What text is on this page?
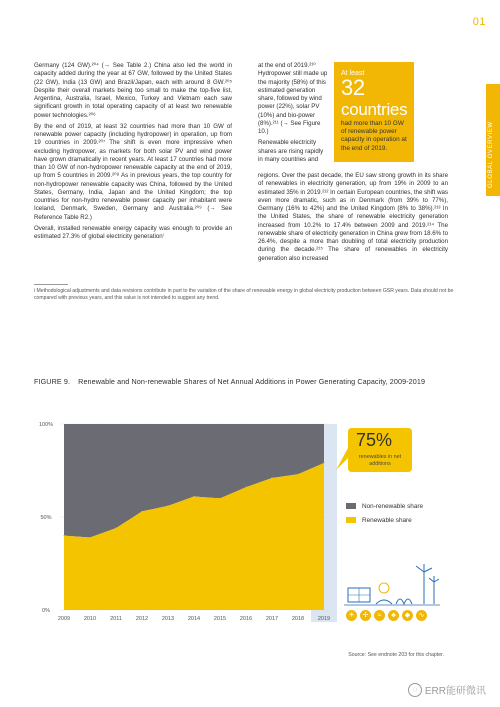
01
GLOBAL OVERVIEW

Germany (124 GW).²⁰⁴ (→ See Table 2.) China also led the world in capacity added during the year at 67 GW, followed by the United States (22 GW), India (13 GW) and Brazil/Japan, each with around 8 GW.²⁰⁵ Despite their overall markets being too small to make the top-five list, Argentina, Australia, Israel, Mexico, Turkey and Vietnam each saw significant growth in total operating capacity of at least two renewable power technologies.²⁰⁶

By the end of 2019, at least 32 countries had more than 10 GW of renewable power capacity (including hydropower) in operation, up from 19 countries in 2009.²⁰⁷ The shift is even more impressive when excluding hydropower, as markets for both solar PV and wind power have grown dramatically in recent years. At least 17 countries had more than 10 GW of non-hydropower renewable capacity at the end of 2019, up from 5 countries in 2009.²⁰⁸ As in previous years, the top country for non-hydropower renewable capacity was China, followed by the United States, Germany, India, Japan and the United Kingdom; the top countries for non-hydro renewable power capacity per inhabitant were Iceland, Denmark, Sweden, Germany and Australia.²⁰⁹ (→ See Reference Table R2.)

Overall, installed renewable energy capacity was enough to provide an estimated 27.3% of global electricity generationⁱ

at the end of 2019.²¹⁰ Hydropower still made up the majority (58%) of this estimated generation share, followed by wind power (22%), solar PV (10%) and bio-power (8%).²¹¹ (→ See Figure 10.)

Renewable electricity shares are rising rapidly in many countries and

At least
32 countries
had more than 10 GW of renewable power capacity in operation at the end of 2019.

regions. Over the past decade, the EU saw strong growth in its share of renewables in electricity generation, up from 19% in 2009 to an estimated 35% in 2019.²¹² In certain European countries, the shift was even more dramatic, such as in Denmark (from 39% to 77%), Germany (16% to 42%) and the United Kingdom (8% to 38%).²¹³ In the United States, the share of renewable electricity generation increased from 10.2% to 17.4% between 2009 and 2019.²¹⁴ The renewable share of electricity generation in China grew from 18.6% to 26.4%, despite a more than doubling of total electricity production during the decade.²¹⁵ The share of renewables in electricity generation also increased

i Methodological adjustments and data revisions contribute in part to the variation of the share of renewable energy in global electricity production between GSR years. Data should not be compared with previous years, and this value is not intended to suggest any trend.
FIGURE 9. Renewable and Non-renewable Shares of Net Annual Additions in Power Generating Capacity, 2009-2019
0%
50%
100%
2009	2010	2011	2012	2013	2014	2015	2016	2017	2018	2019
75%
renewables in net additions
Non-renewable share
Renewable share
☀	✢	≈	♣	◆	∿
Source: See endnote 203 for this chapter.
◌ ERR能研微讯
